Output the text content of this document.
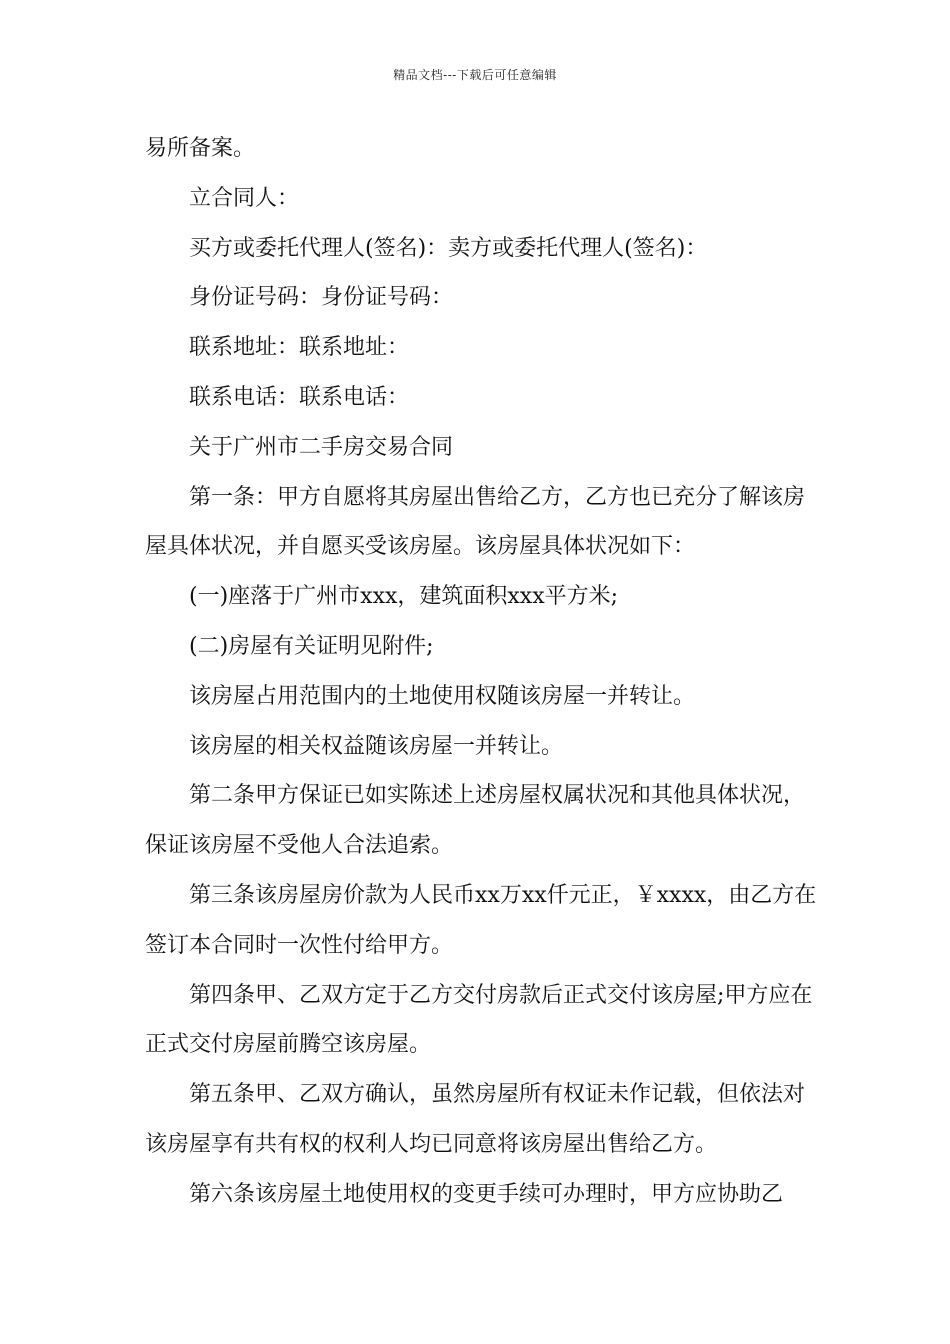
精品文档---下载后可任意编辑

易所备案。

立合同人：

买方或委托代理人(签名)：卖方或委托代理人(签名)：

身份证号码：身份证号码：

联系地址：联系地址：

联系电话：联系电话：

关于广州市二手房交易合同

第一条：甲方自愿将其房屋出售给乙方，乙方也已充分了解该房屋具体状况，并自愿买受该房屋。该房屋具体状况如下：

(一)座落于广州市xxx，建筑面积xxx平方米;

(二)房屋有关证明见附件;

该房屋占用范围内的土地使用权随该房屋一并转让。

该房屋的相关权益随该房屋一并转让。

第二条甲方保证已如实陈述上述房屋权属状况和其他具体状况，保证该房屋不受他人合法追索。

第三条该房屋房价款为人民币xx万xx仟元正，￥xxxx，由乙方在签订本合同时一次性付给甲方。

第四条甲、乙双方定于乙方交付房款后正式交付该房屋;甲方应在正式交付房屋前腾空该房屋。

第五条甲、乙双方确认，虽然房屋所有权证未作记载，但依法对该房屋享有共有权的权利人均已同意将该房屋出售给乙方。

第六条该房屋土地使用权的变更手续可办理时，甲方应协助乙
